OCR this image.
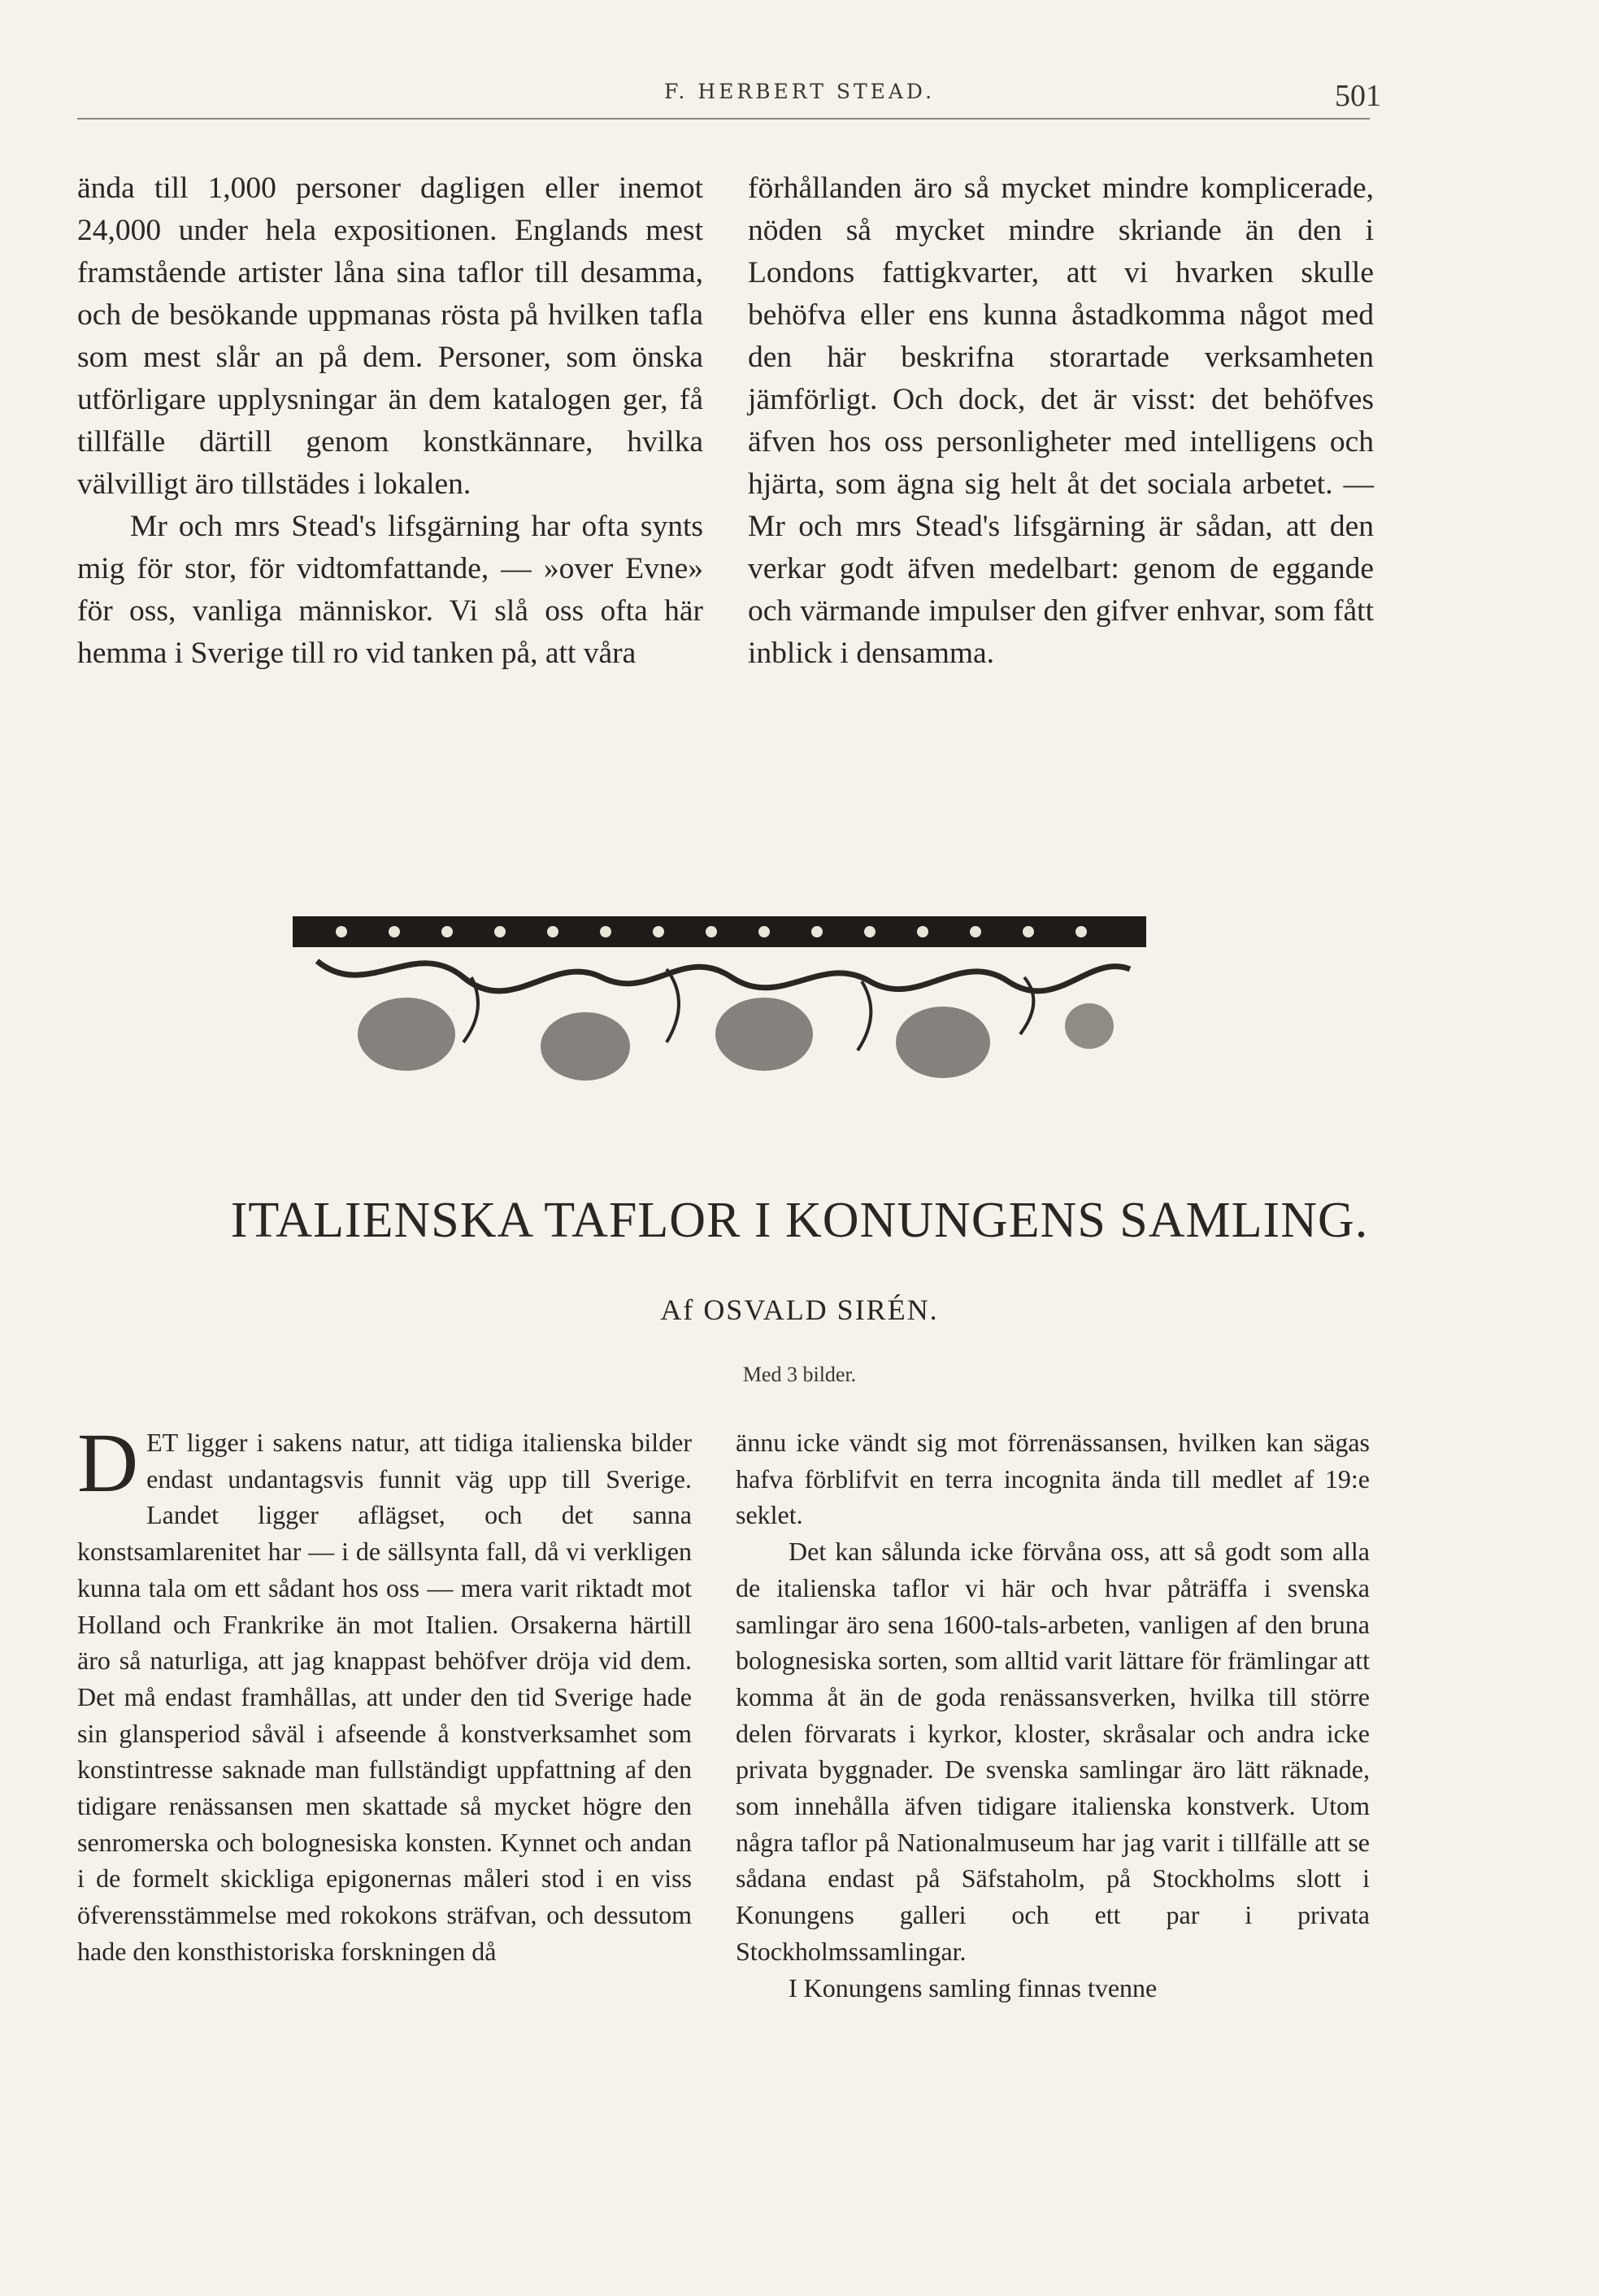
F. HERBERT STEAD.	501

ända till 1,000 personer dagligen eller inemot 24,000 under hela expositionen. Englands mest framstående artister låna sina taflor till desamma, och de besökande uppmanas rösta på hvilken tafla som mest slår an på dem. Personer, som önska utförligare upplysningar än dem katalogen ger, få tillfälle därtill genom konstkännare, hvilka välvilligt äro tillstädes i lokalen.

Mr och mrs Stead's lifsgärning har ofta synts mig för stor, för vidtomfattande, — »over Evne» för oss, vanliga människor. Vi slå oss ofta här hemma i Sverige till ro vid tanken på, att våra

förhållanden äro så mycket mindre komplicerade, nöden så mycket mindre skriande än den i Londons fattigkvarter, att vi hvarken skulle behöfva eller ens kunna åstadkomma något med den här beskrifna storartade verksamheten jämförligt. Och dock, det är visst: det behöfves äfven hos oss personligheter med intelligens och hjärta, som ägna sig helt åt det sociala arbetet. — Mr och mrs Stead's lifsgärning är sådan, att den verkar godt äfven medelbart: genom de eggande och värmande impulser den gifver enhvar, som fått inblick i densamma.

ITALIENSKA TAFLOR I KONUNGENS SAMLING.
Af OSVALD SIRÉN.
Med 3 bilder.

DET ligger i sakens natur, att tidiga italienska bilder endast undantagsvis funnit väg upp till Sverige. Landet ligger aflägset, och det sanna konstsamlarenitet har — i de sällsynta fall, då vi verkligen kunna tala om ett sådant hos oss — mera varit riktadt mot Holland och Frankrike än mot Italien. Orsakerna härtill äro så naturliga, att jag knappast behöfver dröja vid dem. Det må endast framhållas, att under den tid Sverige hade sin glansperiod såväl i afseende å konstverksamhet som konstintresse saknade man fullständigt uppfattning af den tidigare renässansen men skattade så mycket högre den senromerska och bolognesiska konsten. Kynnet och andan i de formelt skickliga epigonernas måleri stod i en viss öfverensstämmelse med rokokons sträfvan, och dessutom hade den konsthistoriska forskningen då

ännu icke vändt sig mot förrenässansen, hvilken kan sägas hafva förblifvit en terra incognita ända till medlet af 19:e seklet.

Det kan sålunda icke förvåna oss, att så godt som alla de italienska taflor vi här och hvar påträffa i svenska samlingar äro sena 1600-tals-arbeten, vanligen af den bruna bolognesiska sorten, som alltid varit lättare för främlingar att komma åt än de goda renässansverken, hvilka till större delen förvarats i kyrkor, kloster, skråsalar och andra icke privata byggnader. De svenska samlingar äro lätt räknade, som innehålla äfven tidigare italienska konstverk. Utom några taflor på Nationalmuseum har jag varit i tillfälle att se sådana endast på Säfstaholm, på Stockholms slott i Konungens galleri och ett par i privata Stockholmssamlingar.

I Konungens samling finnas tvenne
